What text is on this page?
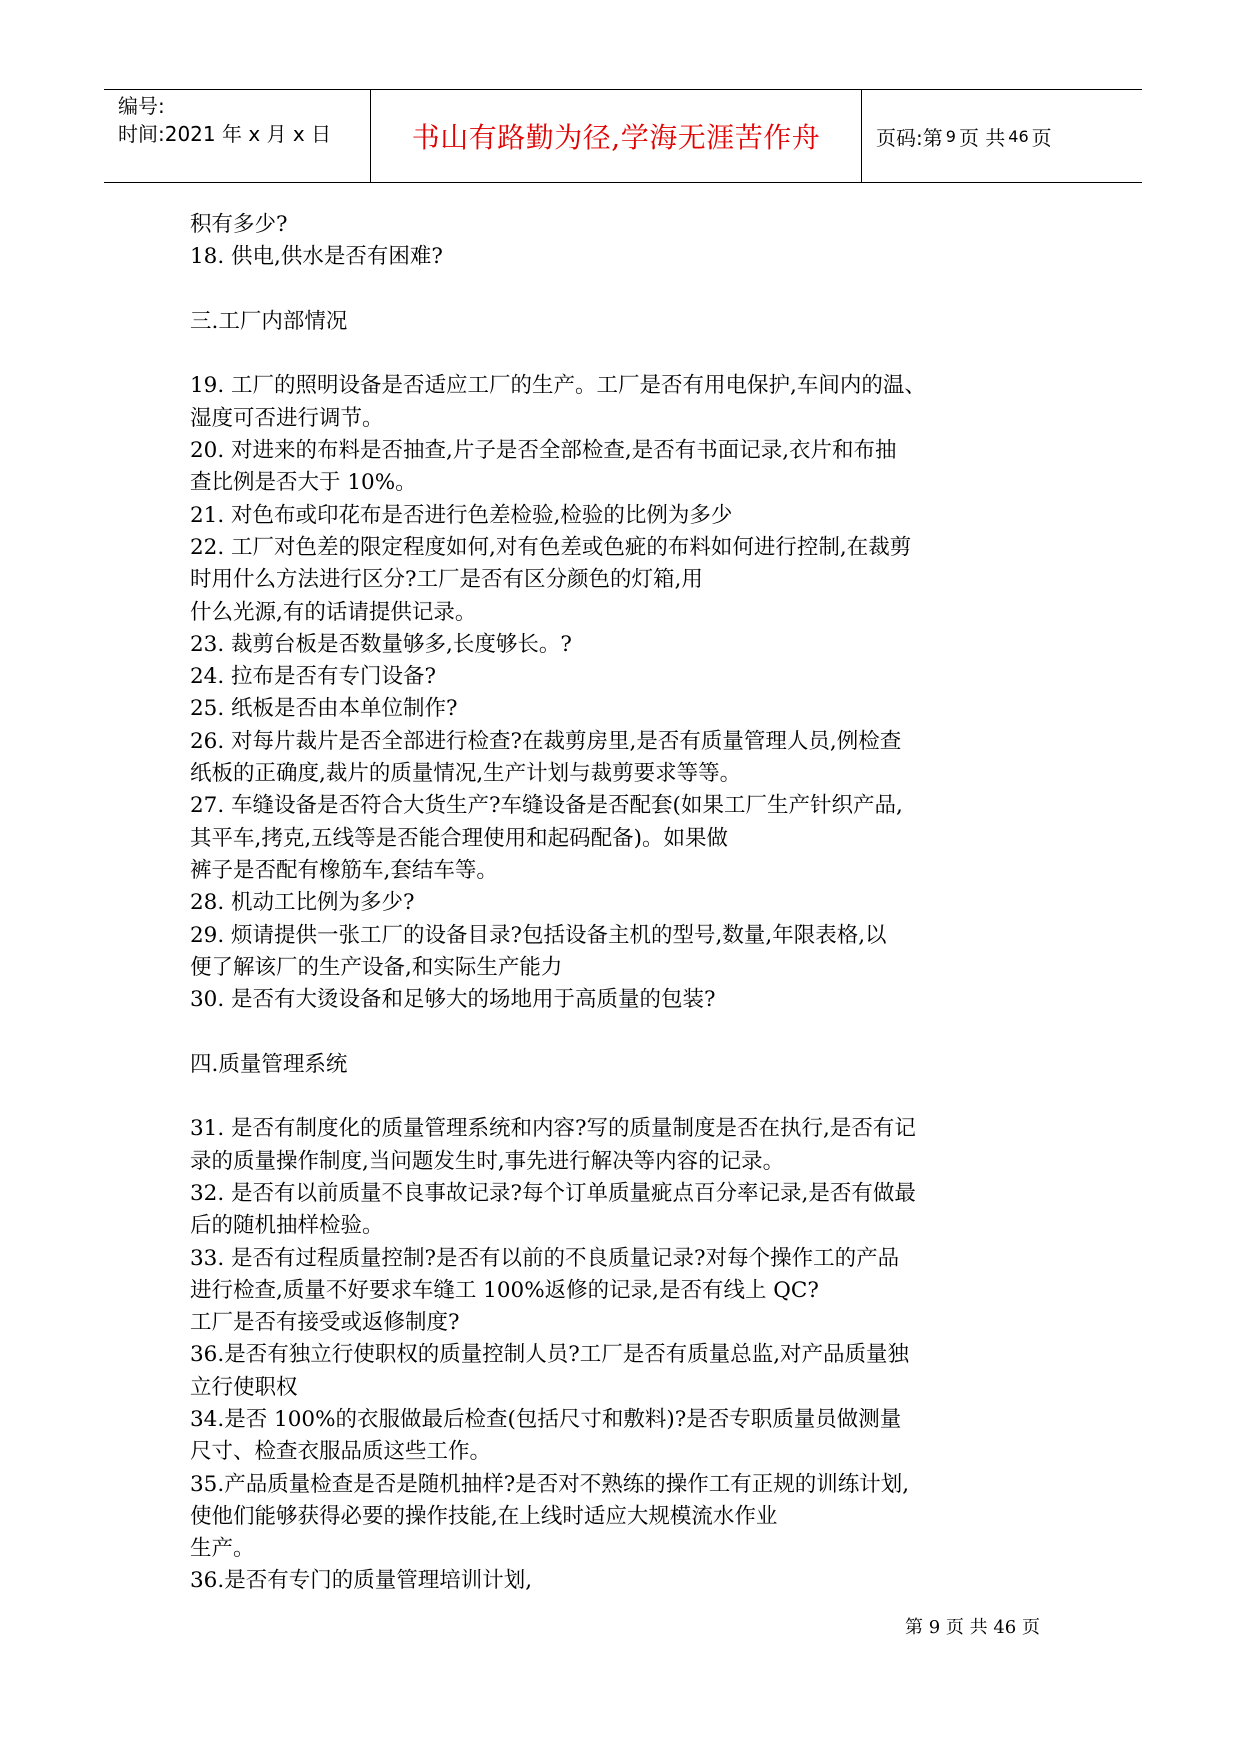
编号:
时间:2021 年 x 月 x 日	书山有路勤为径,学海无涯苦作舟	页码:第 9 页 共 46 页

积有多少?

18. 供电,供水是否有困难?

三.工厂内部情况

19. 工厂的照明设备是否适应工厂的生产。工厂是否有用电保护,车间内的温、

湿度可否进行调节。

20. 对进来的布料是否抽查,片子是否全部检查,是否有书面记录,衣片和布抽

查比例是否大于 10%。

21. 对色布或印花布是否进行色差检验,检验的比例为多少

22. 工厂对色差的限定程度如何,对有色差或色疵的布料如何进行控制,在裁剪

时用什么方法进行区分?工厂是否有区分颜色的灯箱,用

什么光源,有的话请提供记录。

23. 裁剪台板是否数量够多,长度够长。?

24. 拉布是否有专门设备?

25. 纸板是否由本单位制作?

26. 对每片裁片是否全部进行检查?在裁剪房里,是否有质量管理人员,例检查

纸板的正确度,裁片的质量情况,生产计划与裁剪要求等等。

27. 车缝设备是否符合大货生产?车缝设备是否配套(如果工厂生产针织产品,

其平车,拷克,五线等是否能合理使用和起码配备)。如果做

裤子是否配有橡筋车,套结车等。

28. 机动工比例为多少?

29. 烦请提供一张工厂的设备目录?包括设备主机的型号,数量,年限表格,以

便了解该厂的生产设备,和实际生产能力

30. 是否有大烫设备和足够大的场地用于高质量的包装?

四.质量管理系统

31. 是否有制度化的质量管理系统和内容?写的质量制度是否在执行,是否有记

录的质量操作制度,当问题发生时,事先进行解决等内容的记录。

32. 是否有以前质量不良事故记录?每个订单质量疵点百分率记录,是否有做最

后的随机抽样检验。

33. 是否有过程质量控制?是否有以前的不良质量记录?对每个操作工的产品

进行检查,质量不好要求车缝工 100%返修的记录,是否有线上 QC?

工厂是否有接受或返修制度?

36.是否有独立行使职权的质量控制人员?工厂是否有质量总监,对产品质量独

立行使职权

34.是否 100%的衣服做最后检查(包括尺寸和敷料)?是否专职质量员做测量

尺寸、检查衣服品质这些工作。

35.产品质量检查是否是随机抽样?是否对不熟练的操作工有正规的训练计划,

使他们能够获得必要的操作技能,在上线时适应大规模流水作业

生产。

36.是否有专门的质量管理培训计划,

第 9 页 共 46 页
